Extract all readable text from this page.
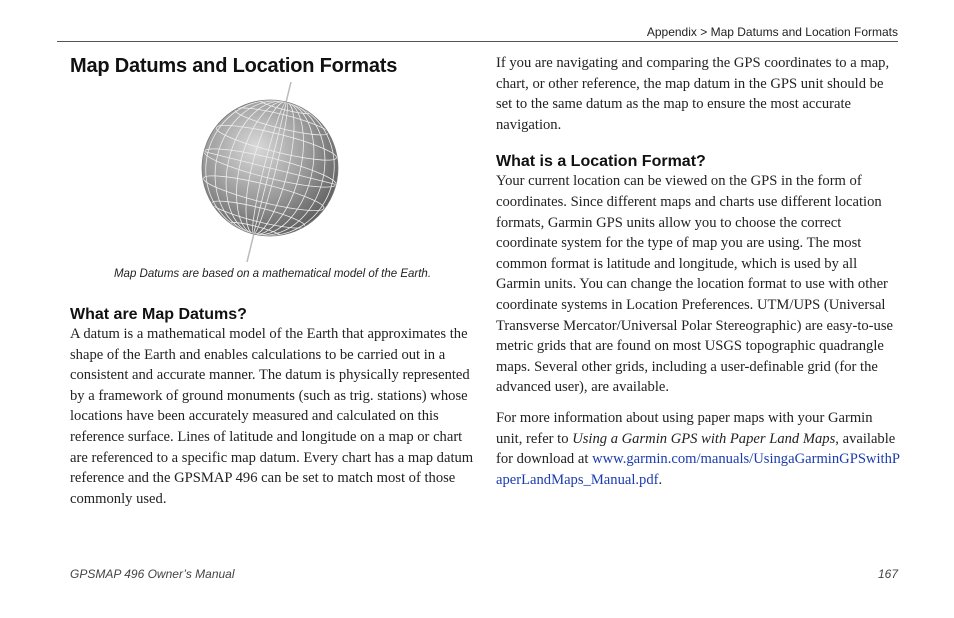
Appendix > Map Datums and Location Formats
Map Datums and Location Formats
Map Datums are based on a mathematical model of the Earth.
What are Map Datums?

A datum is a mathematical model of the Earth that approximates the shape of the Earth and enables calculations to be carried out in a consistent and accurate manner. The datum is physically represented by a framework of ground monuments (such as trig. stations) whose locations have been accurately measured and calculated on this reference surface. Lines of latitude and longitude on a map or chart are referenced to a specific map datum. Every chart has a map datum reference and the GPSMAP 496 can be set to match most of those commonly used.

If you are navigating and comparing the GPS coordinates to a map, chart, or other reference, the map datum in the GPS unit should be set to the same datum as the map to ensure the most accurate navigation.

What is a Location Format?

Your current location can be viewed on the GPS in the form of coordinates. Since different maps and charts use different location formats, Garmin GPS units allow you to choose the correct coordinate system for the type of map you are using. The most common format is latitude and longitude, which is used by all Garmin units. You can change the location format to use with other coordinate systems in Location Preferences. UTM/UPS (Universal Transverse Mercator/Universal Polar Stereographic) are easy-to-use metric grids that are found on most USGS topographic quadrangle maps. Several other grids, including a user-definable grid (for the advanced user), are available.

For more information about using paper maps with your Garmin unit, refer to Using a Garmin GPS with Paper Land Maps, available for download at www.garmin.com/manuals/UsingaGarminGPSwithPaperLandMaps_Manual.pdf.

GPSMAP 496 Owner’s Manual	167
